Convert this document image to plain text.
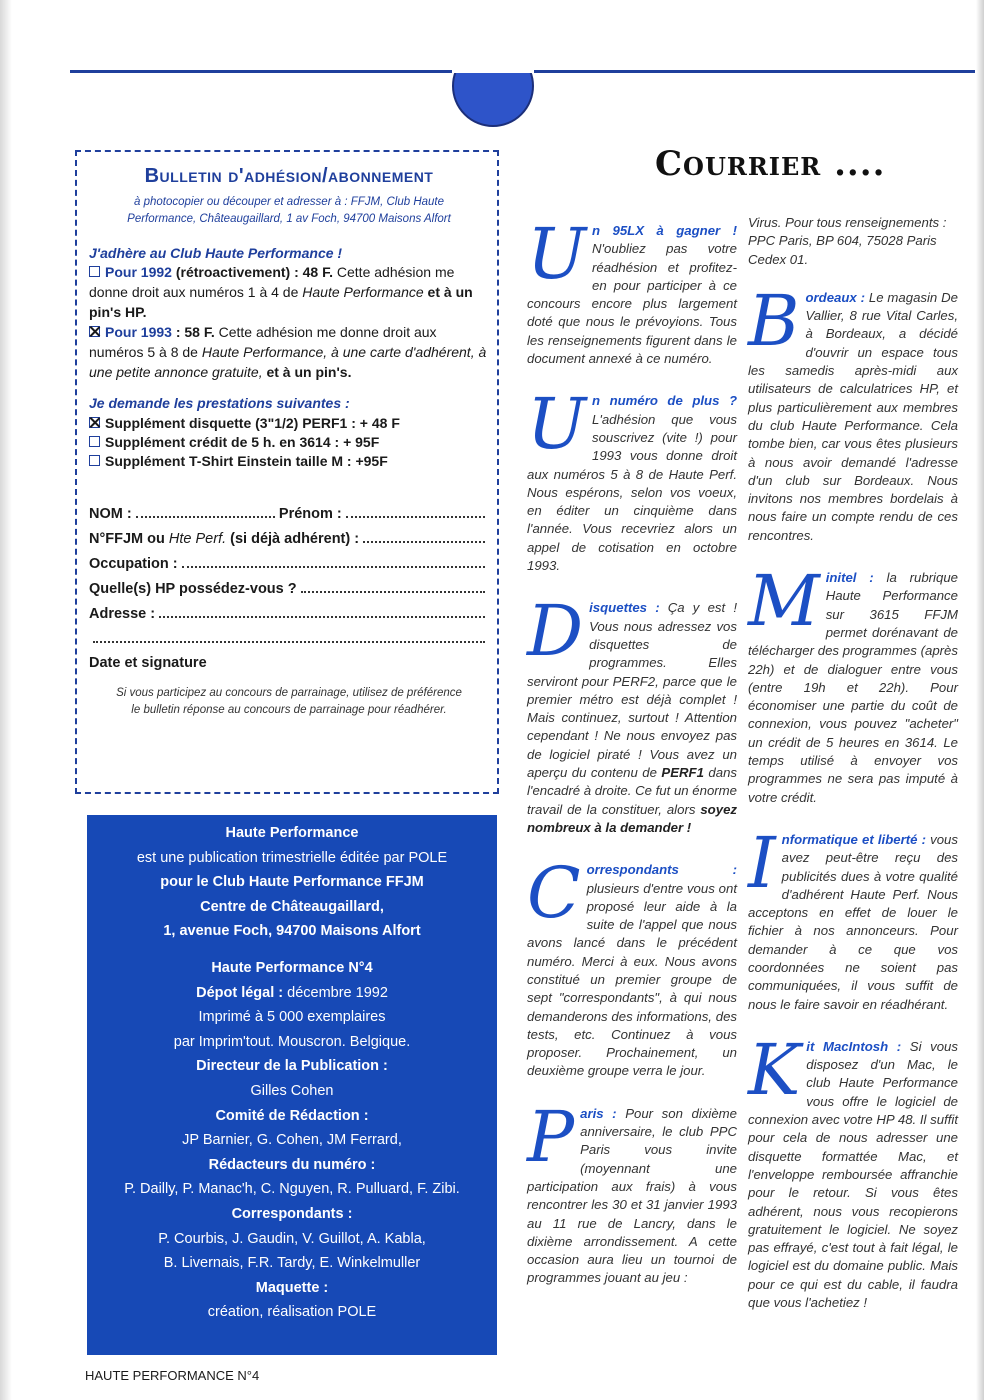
Bulletin d'adhésion/abonnement

à photocopier ou découper et adresser à : FFJM, Club Haute
Performance, Châteaugaillard, 1 av Foch, 94700 Maisons Alfort

J'adhère au Club Haute Performance !

Pour 1992 (rétroactivement) : 48 F. Cette adhésion me donne droit aux numéros 1 à 4 de Haute Performance et à un pin's HP.

Pour 1993 : 58 F. Cette adhésion me donne droit aux numéros 5 à 8 de Haute Performance, à une carte d'adhérent, à une petite annonce gratuite, et à un pin's.

Je demande les prestations suivantes :

Supplément disquette (3"1/2) PERF1 : + 48 F

Supplément crédit de 5 h. en 3614 : + 95F

Supplément T-Shirt Einstein taille M : +95F

NOM :	Prénom :
N°FFJM ou Hte Perf. (si déjà adhérent) :
Occupation :
Quelle(s) HP possédez-vous ?
Adresse :

Date et signature

Si vous participez au concours de parrainage, utilisez de préférence
le bulletin réponse au concours de parrainage pour réadhérer.

Haute Performance
est une publication trimestrielle éditée par POLE
pour le Club Haute Performance FFJM
Centre de Châteaugaillard,
1, avenue Foch, 94700 Maisons Alfort
Haute Performance N°4
Dépot légal : décembre 1992
Imprimé à 5 000 exemplaires
par Imprim'tout. Mouscron. Belgique.
Directeur de la Publication :
Gilles Cohen
Comité de Rédaction :
JP Barnier, G. Cohen, JM Ferrard,
Rédacteurs du numéro :
P. Dailly, P. Manac'h, C. Nguyen, R. Pulluard, F. Zibi.
Correspondants :
P. Courbis, J. Gaudin, V. Guillot, A. Kabla,
B. Livernais, F.R. Tardy, E. Winkelmuller
Maquette :
création, réalisation POLE
HAUTE PERFORMANCE N°4
Courrier ....

Un 95LX à gagner ! N'oubliez pas votre réadhésion et profitez-en pour participer à ce concours encore plus largement doté que nous le prévoyions. Tous les renseignements figurent dans le document annexé à ce numéro.

Un numéro de plus ? L'adhésion que vous souscrivez (vite !) pour 1993 vous donne droit aux numéros 5 à 8 de Haute Perf. Nous espérons, selon vos voeux, en éditer un cinquième dans l'année. Vous recevriez alors un appel de cotisation en octobre 1993.

Disquettes : Ça y est ! Vous nous adressez vos disquettes de programmes. Elles serviront pour PERF2, parce que le premier métro est déjà complet ! Mais continuez, surtout ! Attention cependant ! Ne nous envoyez pas de logiciel piraté ! Vous avez un aperçu du contenu de PERF1 dans l'encadré à droite. Ce fut un énorme travail de la constituer, alors soyez nombreux à la demander !

Correspondants : plusieurs d'entre vous ont proposé leur aide à la suite de l'appel que nous avons lancé dans le précédent numéro. Merci à eux. Nous avons constitué un premier groupe de sept "correspondants", à qui nous demanderons des informations, des tests, etc. Continuez à vous proposer. Prochainement, un deuxième groupe verra le jour.

Paris : Pour son dixième anniversaire, le club PPC Paris vous invite (moyennant une participation aux frais) à vous rencontrer les 30 et 31 janvier 1993 au 11 rue de Lancry, dans le dixième arrondissement. A cette occasion aura lieu un tournoi de programmes jouant au jeu :

Virus. Pour tous renseignements : PPC Paris, BP 604, 75028 Paris Cedex 01.

Bordeaux : Le magasin De Vallier, 8 rue Vital Carles, à Bordeaux, a décidé d'ouvrir un espace tous les samedis après-midi aux utilisateurs de calculatrices HP, et plus particulièrement aux membres du club Haute Performance. Cela tombe bien, car vous êtes plusieurs à nous avoir demandé l'adresse d'un club sur Bordeaux. Nous invitons nos membres bordelais à nous faire un compte rendu de ces rencontres.

Minitel : la rubrique Haute Performance sur 3615 FFJM permet dorénavant de télécharger des programmes (après 22h) et de dialoguer entre vous (entre 19h et 22h). Pour économiser une partie du coût de connexion, vous pouvez "acheter" un crédit de 5 heures en 3614. Le temps utilisé à envoyer vos programmes ne sera pas imputé à votre crédit.

Informatique et liberté : vous avez peut-être reçu des publicités dues à votre qualité d'adhérent Haute Perf. Nous acceptons en effet de louer le fichier à nos annonceurs. Pour demander à ce que vos coordonnées ne soient pas communiquées, il vous suffit de nous le faire savoir en réadhérant.

Kit MacIntosh : Si vous disposez d'un Mac, le club Haute Performance vous offre le logiciel de connexion avec votre HP 48. Il suffit pour cela de nous adresser une disquette formattée Mac, et l'enveloppe remboursée affranchie pour le retour. Si vous êtes adhérent, nous vous recopierons gratuitement le logiciel. Ne soyez pas effrayé, c'est tout à fait légal, le logiciel est du domaine public. Mais pour ce qui est du cable, il faudra que vous l'achetiez !
